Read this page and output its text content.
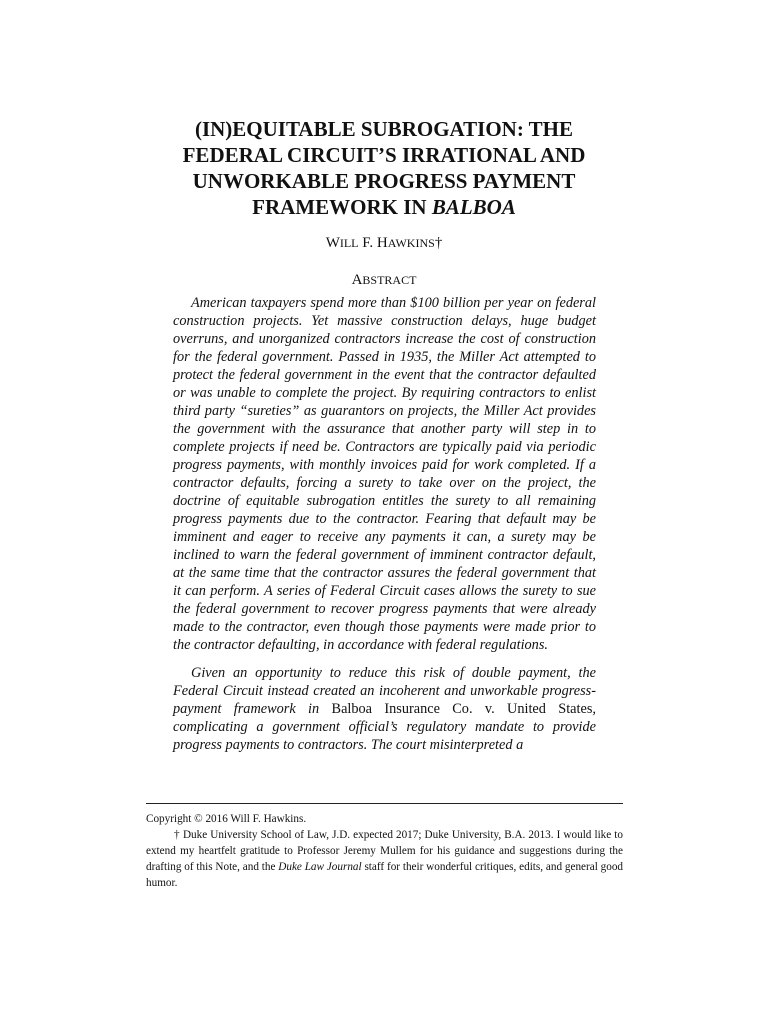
(IN)EQUITABLE SUBROGATION: THE
FEDERAL CIRCUIT’S IRRATIONAL AND
UNWORKABLE PROGRESS PAYMENT
FRAMEWORK IN BALBOA
WILL F. HAWKINS†
ABSTRACT

American taxpayers spend more than $100 billion per year on federal construction projects. Yet massive construction delays, huge budget overruns, and unorganized contractors increase the cost of construction for the federal government. Passed in 1935, the Miller Act attempted to protect the federal government in the event that the contractor defaulted or was unable to complete the project. By requiring contractors to enlist third party “sureties” as guarantors on projects, the Miller Act provides the government with the assurance that another party will step in to complete projects if need be. Contractors are typically paid via periodic progress payments, with monthly invoices paid for work completed. If a contractor defaults, forcing a surety to take over on the project, the doctrine of equitable subrogation entitles the surety to all remaining progress payments due to the contractor. Fearing that default may be imminent and eager to receive any payments it can, a surety may be inclined to warn the federal government of imminent contractor default, at the same time that the contractor assures the federal government that it can perform. A series of Federal Circuit cases allows the surety to sue the federal government to recover progress payments that were already made to the contractor, even though those payments were made prior to the contractor defaulting, in accordance with federal regulations.

Given an opportunity to reduce this risk of double payment, the Federal Circuit instead created an incoherent and unworkable progress-payment framework in Balboa Insurance Co. v. United States, complicating a government official’s regulatory mandate to provide progress payments to contractors. The court misinterpreted a

Copyright © 2016 Will F. Hawkins.

† Duke University School of Law, J.D. expected 2017; Duke University, B.A. 2013. I would like to extend my heartfelt gratitude to Professor Jeremy Mullem for his guidance and suggestions during the drafting of this Note, and the Duke Law Journal staff for their wonderful critiques, edits, and general good humor.
